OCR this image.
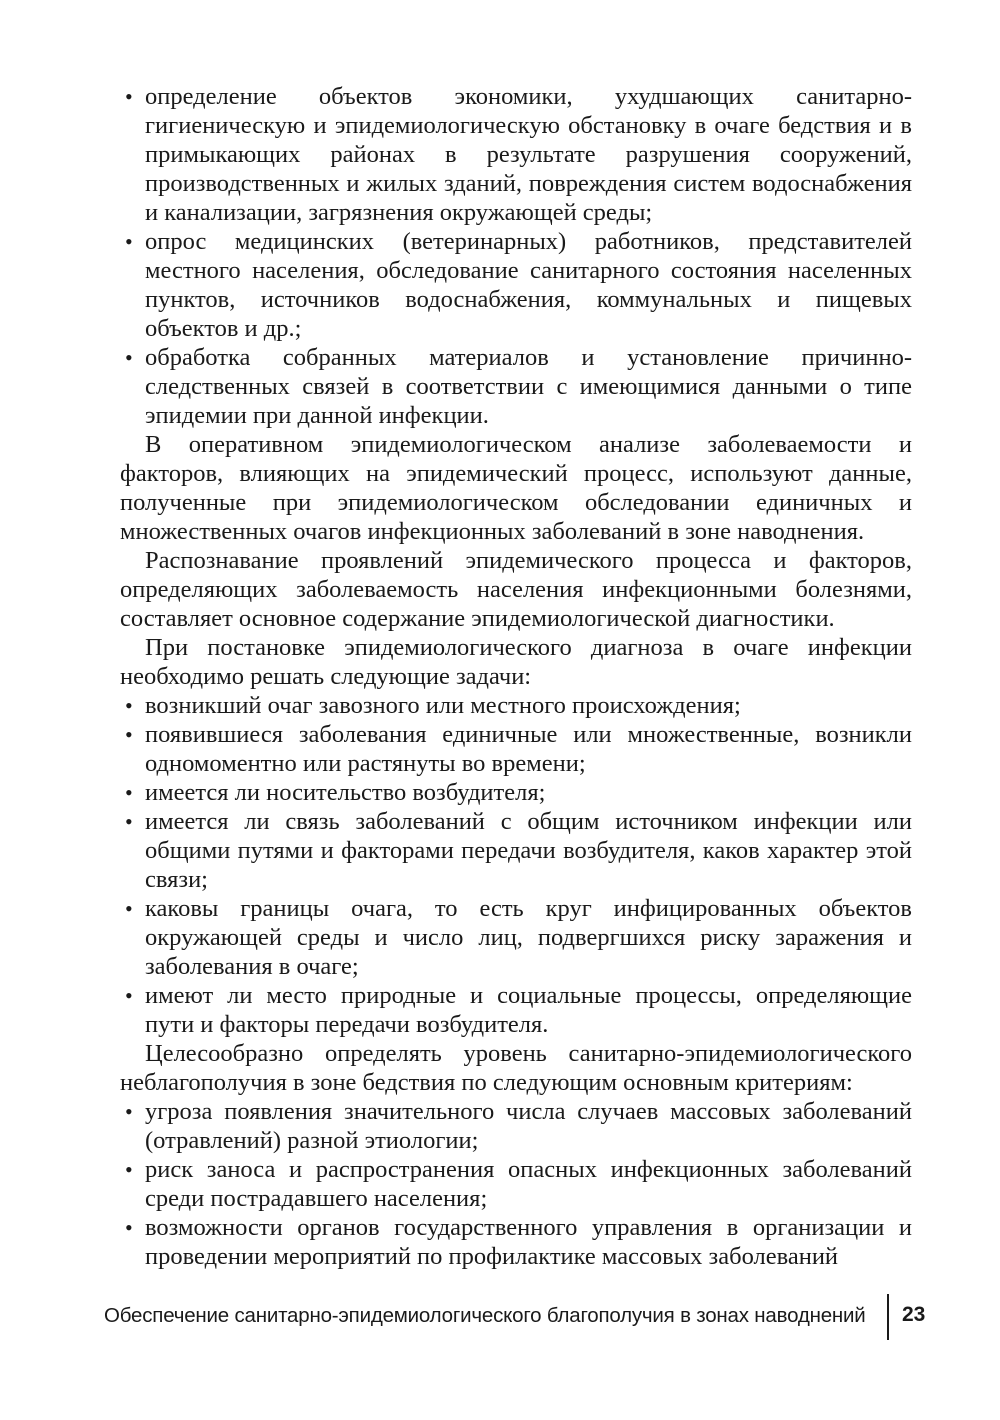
• определение объектов экономики, ухудшающих санитарно-гигиеническую и эпидемиологическую обстановку в очаге бедствия и в примыкающих районах в результате разрушения сооружений, производственных и жилых зданий, повреждения систем водоснабжения и канализации, загрязнения окружающей среды;
• опрос медицинских (ветеринарных) работников, представителей местного населения, обследование санитарного состояния населенных пунктов, источников водоснабжения, коммунальных и пищевых объектов и др.;
• обработка собранных материалов и установление причинно-следственных связей в соответствии с имеющимися данными о типе эпидемии при данной инфекции.

В оперативном эпидемиологическом анализе заболеваемости и факторов, влияющих на эпидемический процесс, используют данные, полученные при эпидемиологическом обследовании единичных и множественных очагов инфекционных заболеваний в зоне наводнения.

Распознавание проявлений эпидемического процесса и факторов, определяющих заболеваемость населения инфекционными болезнями, составляет основное содержание эпидемиологической диагностики.

При постановке эпидемиологического диагноза в очаге инфекции необходимо решать следующие задачи:

• возникший очаг завозного или местного происхождения;
• появившиеся заболевания единичные или множественные, возникли одномоментно или растянуты во времени;
• имеется ли носительство возбудителя;
• имеется ли связь заболеваний с общим источником инфекции или общими путями и факторами передачи возбудителя, каков характер этой связи;
• каковы границы очага, то есть круг инфицированных объектов окружающей среды и число лиц, подвергшихся риску заражения и заболевания в очаге;
• имеют ли место природные и социальные процессы, определяющие пути и факторы передачи возбудителя.

Целесообразно определять уровень санитарно-эпидемиологического неблагополучия в зоне бедствия по следующим основным критериям:

• угроза появления значительного числа случаев массовых заболеваний (отравлений) разной этиологии;
• риск заноса и распространения опасных инфекционных заболеваний среди пострадавшего населения;
• возможности органов государственного управления в организации и проведении мероприятий по профилактике массовых заболеваний
Обеспечение санитарно-эпидемиологического благополучия в зонах наводнений 23
